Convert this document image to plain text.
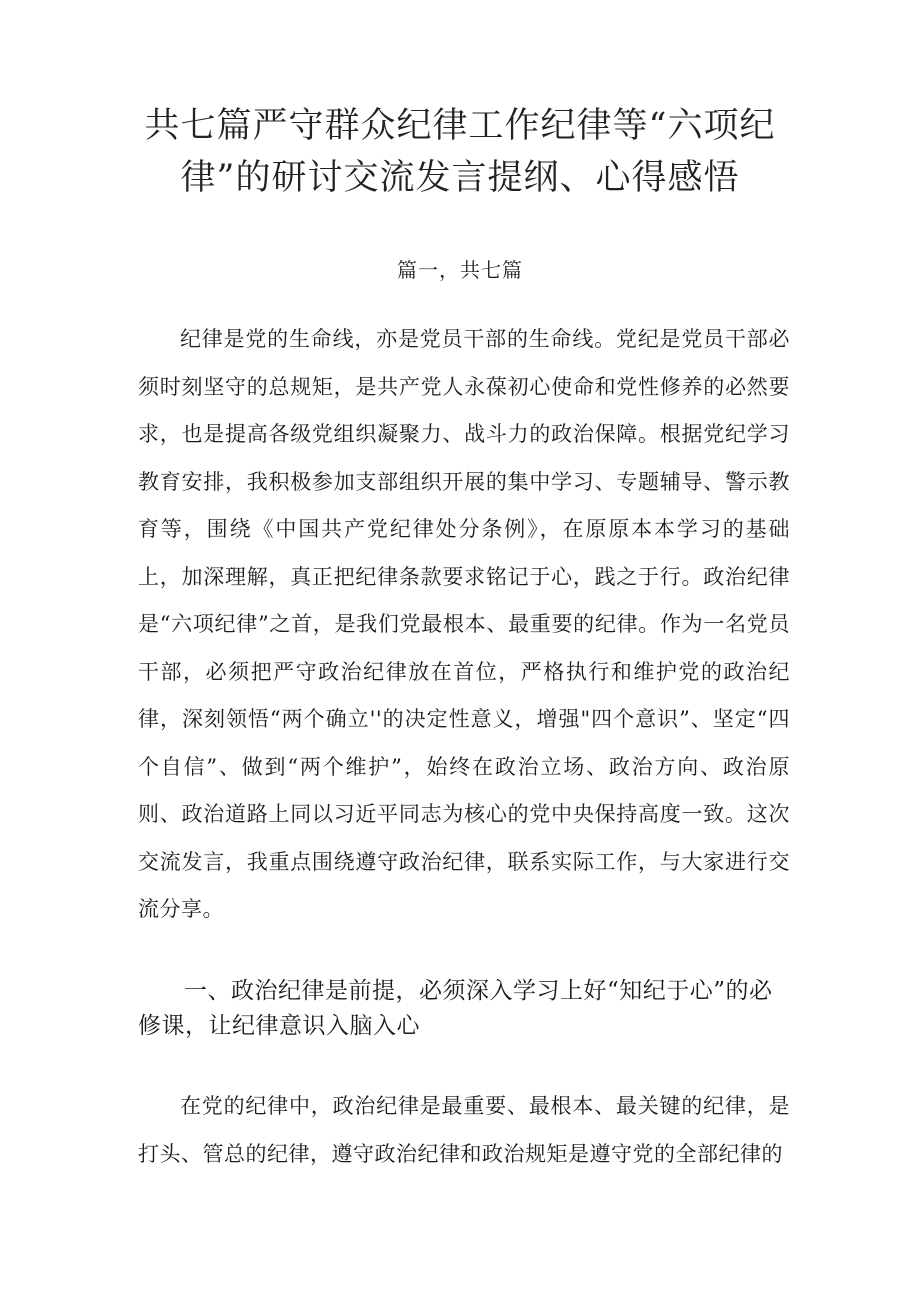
共七篇严守群众纪律工作纪律等“六项纪律”的研讨交流发言提纲、心得感悟
篇一，共七篇

纪律是党的生命线，亦是党员干部的生命线。党纪是党员干部必须时刻坚守的总规矩，是共产党人永葆初心使命和党性修养的必然要求，也是提高各级党组织凝聚力、战斗力的政治保障。根据党纪学习教育安排，我积极参加支部组织开展的集中学习、专题辅导、警示教育等，围绕《中国共产党纪律处分条例》，在原原本本学习的基础上，加深理解，真正把纪律条款要求铭记于心，践之于行。政治纪律是“六项纪律”之首，是我们党最根本、最重要的纪律。作为一名党员干部，必须把严守政治纪律放在首位，严格执行和维护党的政治纪律，深刻领悟“两个确立''的决定性意义，增强"四个意识”、坚定“四个自信”、做到“两个维护”，始终在政治立场、政治方向、政治原则、政治道路上同以习近平同志为核心的党中央保持高度一致。这次交流发言，我重点围绕遵守政治纪律，联系实际工作，与大家进行交流分享。

一、政治纪律是前提，必须深入学习上好“知纪于心”的必修课，让纪律意识入脑入心

在党的纪律中，政治纪律是最重要、最根本、最关键的纪律，是打头、管总的纪律，遵守政治纪律和政治规矩是遵守党的全部纪律的
